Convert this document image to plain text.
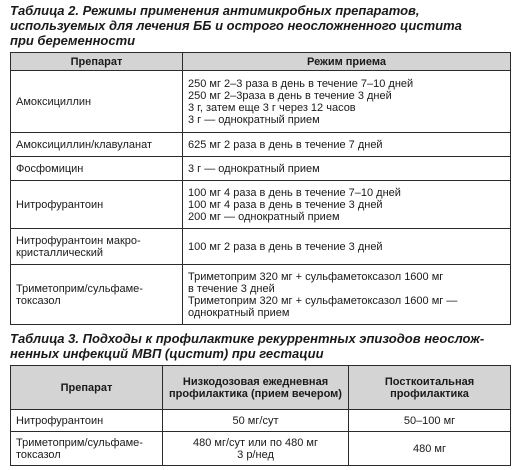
Таблица 2. Режимы применения антимикробных препаратов,
используемых для лечения ББ и острого неосложненного цистита
при беременности
Препарат	Режим приема

Амоксициллин	250 мг 2–3 раза в день в течение 7–10 дней
250 мг 2–3раза в день в течение 3 дней
3 г, затем еще 3 г через 12 часов
3 г — однократный прием

Амоксициллин/клавуланат	625 мг 2 раза в день в течение 7 дней

Фосфомицин	3 г — однократный прием

Нитрофурантоин	100 мг 4 раза в день в течение 7–10 дней
100 мг 4 раза в день в течение 3 дней
200 мг — однократный прием

Нитрофурантоин макро-
кристаллический	100 мг 2 раза в день в течение 3 дней

Триметоприм/сульфаме-
токсазол	Триметоприм 320 мг + сульфаметоксазол 1600 мг
в течение 3 дней
Триметоприм 320 мг + сульфаметоксазол 1600 мг —
однократный прием
Таблица 3. Подходы к профилактике рекуррентных эпизодов неослож-
ненных инфекций МВП (цистит) при гестации
Препарат	Низкодозовая ежедневная профилактика (прием вечером)	Посткоитальная профилактика

Нитрофурантоин	50 мг/сут	50–100 мг

Триметоприм/сульфаме-
токсазол	480 мг/сут или по 480 мг
3 р/нед	480 мг
